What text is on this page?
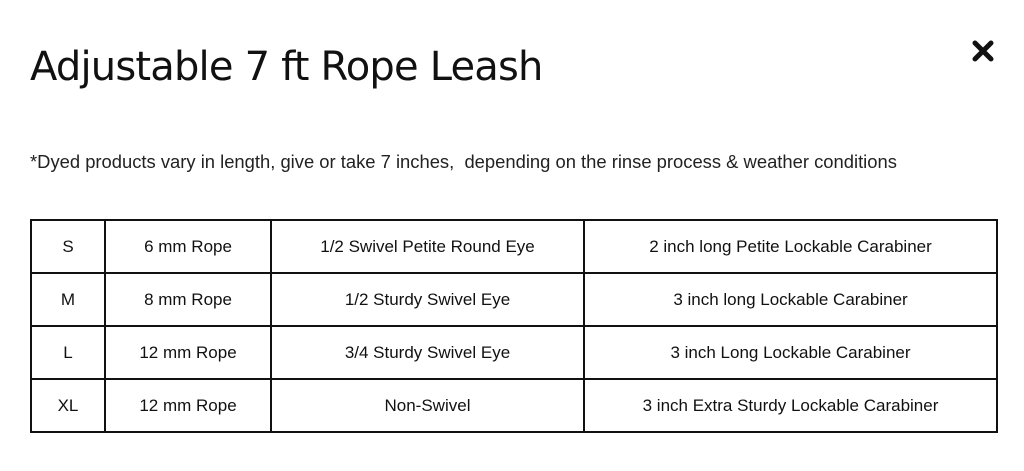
Adjustable 7 ft Rope Leash

*Dyed products vary in length, give or take 7 inches,  depending on the rinse process & weather conditions

S	6 mm Rope	1/2 Swivel Petite Round Eye	2 inch long Petite Lockable Carabiner
M	8 mm Rope	1/2 Sturdy Swivel Eye	3 inch long Lockable Carabiner
L	12 mm Rope	3/4 Sturdy Swivel Eye	3 inch Long Lockable Carabiner
XL	12 mm Rope	Non-Swivel	3 inch Extra Sturdy Lockable Carabiner
